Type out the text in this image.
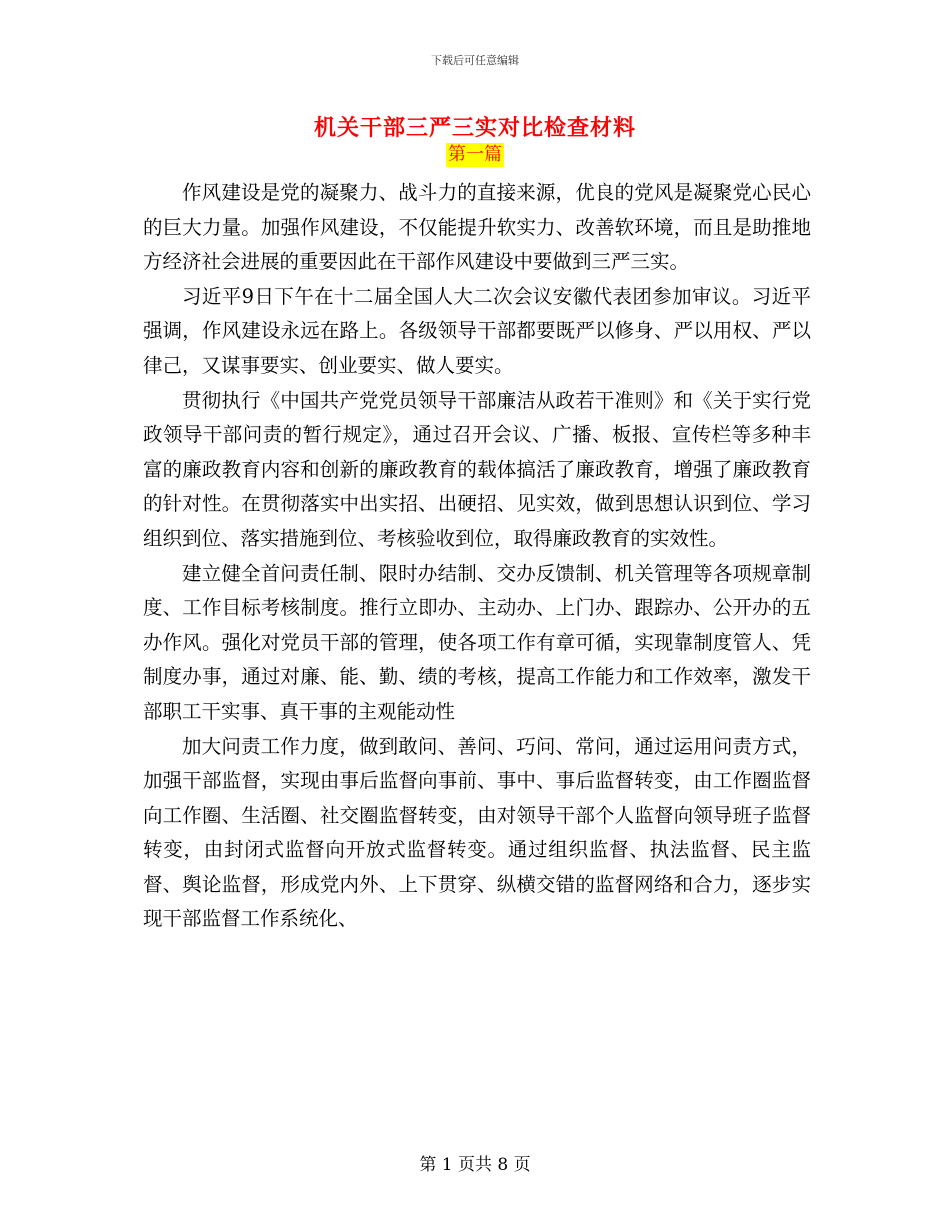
下载后可任意编辑
机关干部三严三实对比检查材料
第一篇

作风建设是党的凝聚力、战斗力的直接来源，优良的党风是凝聚党心民心的巨大力量。加强作风建设，不仅能提升软实力、改善软环境，而且是助推地方经济社会进展的重要因此在干部作风建设中要做到三严三实。

习近平9日下午在十二届全国人大二次会议安徽代表团参加审议。习近平强调，作风建设永远在路上。各级领导干部都要既严以修身、严以用权、严以律己，又谋事要实、创业要实、做人要实。

贯彻执行《中国共产党党员领导干部廉洁从政若干准则》和《关于实行党政领导干部问责的暂行规定》，通过召开会议、广播、板报、宣传栏等多种丰富的廉政教育内容和创新的廉政教育的载体搞活了廉政教育，增强了廉政教育的针对性。在贯彻落实中出实招、出硬招、见实效，做到思想认识到位、学习组织到位、落实措施到位、考核验收到位，取得廉政教育的实效性。

建立健全首问责任制、限时办结制、交办反馈制、机关管理等各项规章制度、工作目标考核制度。推行立即办、主动办、上门办、跟踪办、公开办的五办作风。强化对党员干部的管理，使各项工作有章可循，实现靠制度管人、凭制度办事，通过对廉、能、勤、绩的考核，提高工作能力和工作效率，激发干部职工干实事、真干事的主观能动性

加大问责工作力度，做到敢问、善问、巧问、常问，通过运用问责方式，加强干部监督，实现由事后监督向事前、事中、事后监督转变，由工作圈监督向工作圈、生活圈、社交圈监督转变，由对领导干部个人监督向领导班子监督转变，由封闭式监督向开放式监督转变。通过组织监督、执法监督、民主监督、舆论监督，形成党内外、上下贯穿、纵横交错的监督网络和合力，逐步实现干部监督工作系统化、

第 1 页共 8 页
